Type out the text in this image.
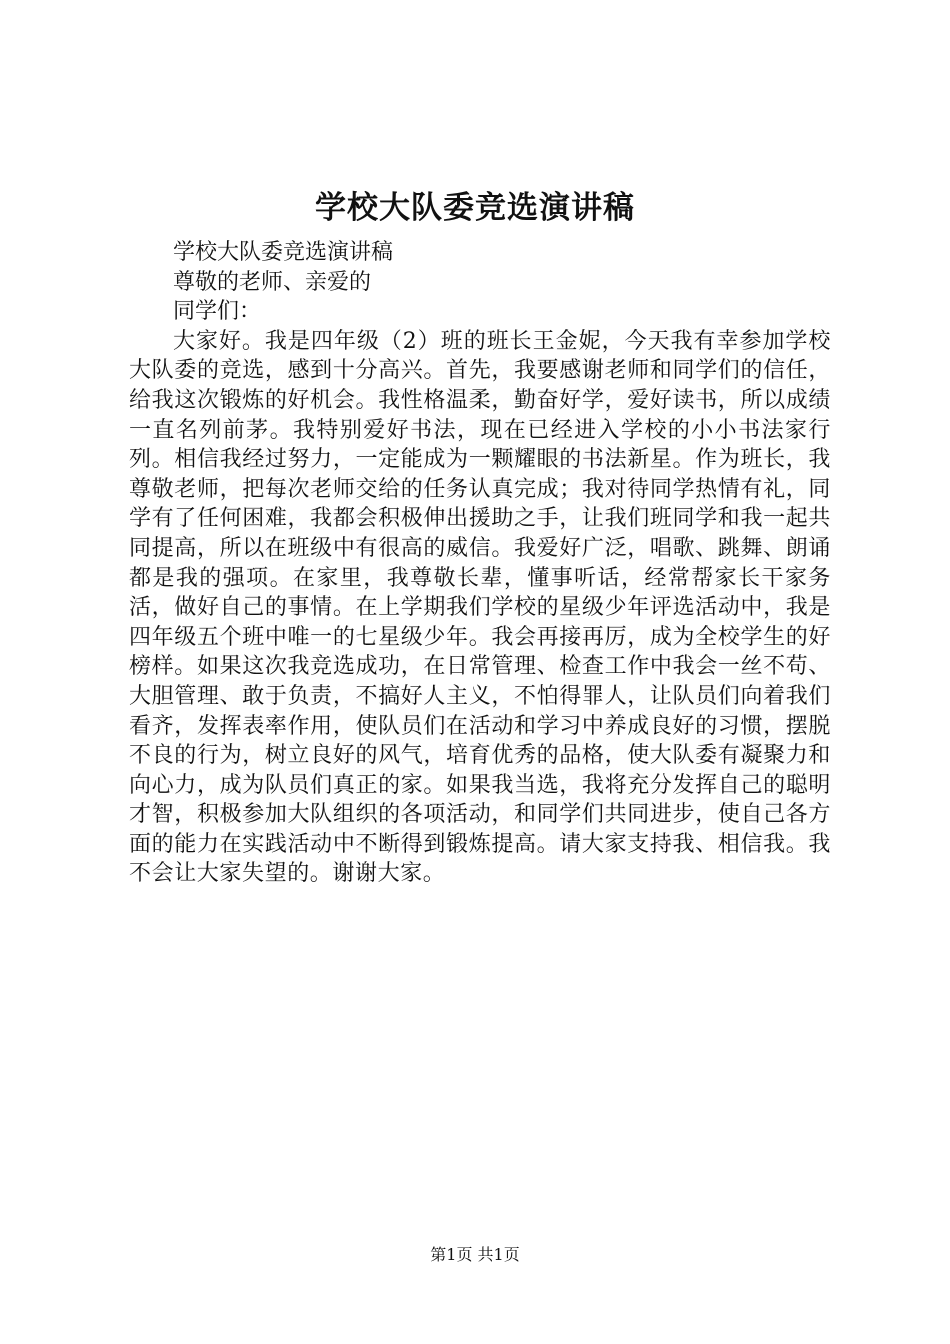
学校大队委竞选演讲稿

学校大队委竞选演讲稿

尊敬的老师、亲爱的

同学们：

大家好。我是四年级（2）班的班长王金妮，今天我有幸参加学校大队委的竞选，感到十分高兴。首先，我要感谢老师和同学们的信任，给我这次锻炼的好机会。我性格温柔，勤奋好学，爱好读书，所以成绩一直名列前茅。我特别爱好书法，现在已经进入学校的小小书法家行列。相信我经过努力，一定能成为一颗耀眼的书法新星。作为班长，我尊敬老师，把每次老师交给的任务认真完成；我对待同学热情有礼，同学有了任何困难，我都会积极伸出援助之手，让我们班同学和我一起共同提高，所以在班级中有很高的威信。我爱好广泛，唱歌、跳舞、朗诵都是我的强项。在家里，我尊敬长辈，懂事听话，经常帮家长干家务活，做好自己的事情。在上学期我们学校的星级少年评选活动中，我是四年级五个班中唯一的七星级少年。我会再接再厉，成为全校学生的好榜样。如果这次我竞选成功，在日常管理、检查工作中我会一丝不苟、大胆管理、敢于负责，不搞好人主义，不怕得罪人，让队员们向着我们看齐，发挥表率作用，使队员们在活动和学习中养成良好的习惯，摆脱不良的行为，树立良好的风气，培育优秀的品格，使大队委有凝聚力和向心力，成为队员们真正的家。如果我当选，我将充分发挥自己的聪明才智，积极参加大队组织的各项活动，和同学们共同进步，使自己各方面的能力在实践活动中不断得到锻炼提高。请大家支持我、相信我。我不会让大家失望的。谢谢大家。

第1页 共1页
